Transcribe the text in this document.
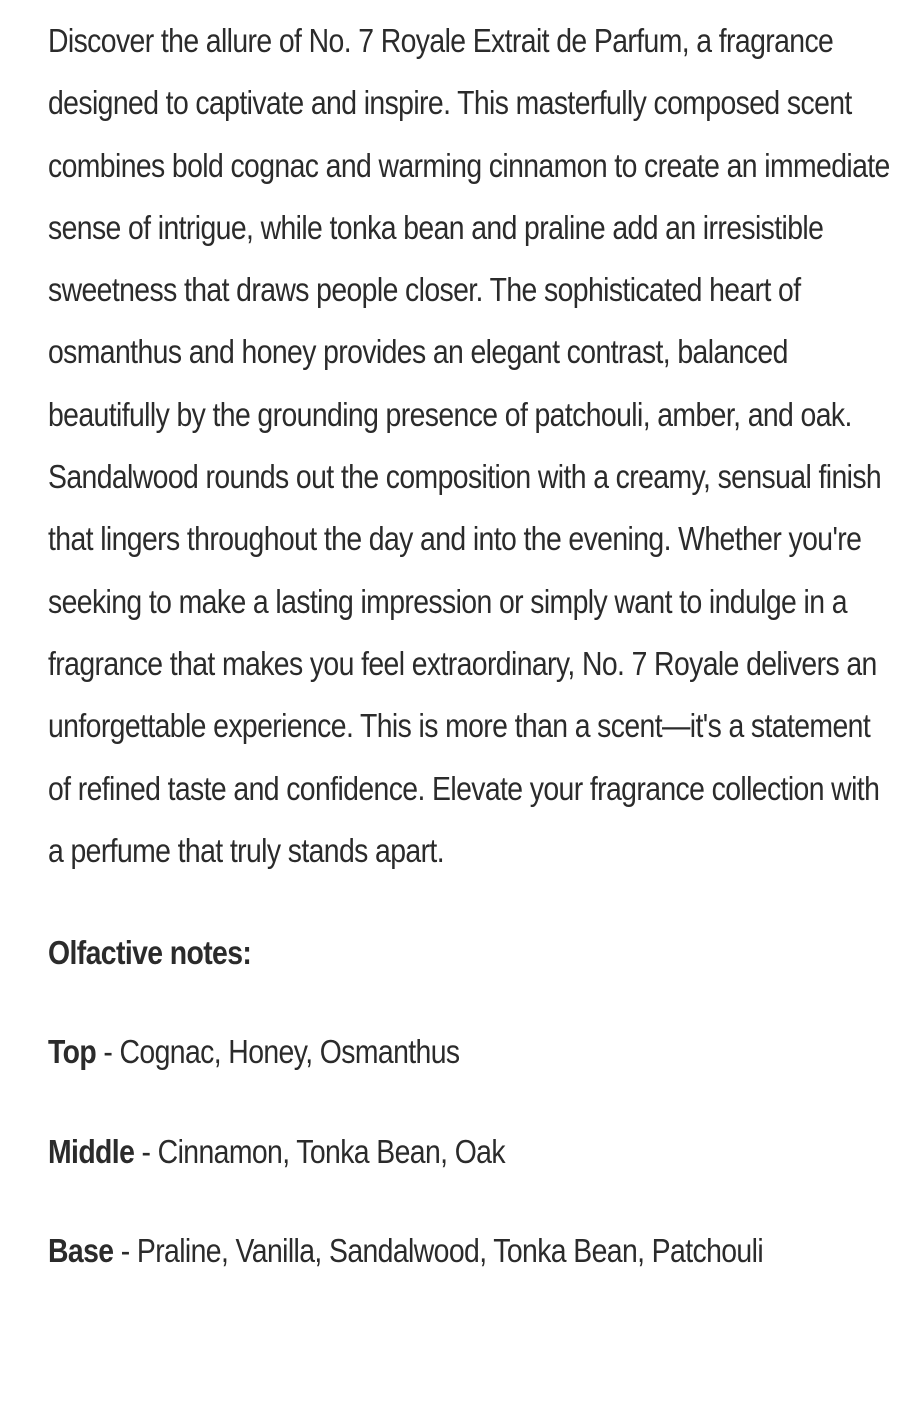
Discover the allure of No. 7 Royale Extrait de Parfum, a fragrance designed to captivate and inspire. This masterfully composed scent combines bold cognac and warming cinnamon to create an immediate sense of intrigue, while tonka bean and praline add an irresistible sweetness that draws people closer. The sophisticated heart of osmanthus and honey provides an elegant contrast, balanced beautifully by the grounding presence of patchouli, amber, and oak. Sandalwood rounds out the composition with a creamy, sensual finish that lingers throughout the day and into the evening. Whether you're seeking to make a lasting impression or simply want to indulge in a fragrance that makes you feel extraordinary, No. 7 Royale delivers an unforgettable experience. This is more than a scent—it's a statement of refined taste and confidence. Elevate your fragrance collection with a perfume that truly stands apart.

Olfactive notes:

Top - Cognac, Honey, Osmanthus

Middle - Cinnamon, Tonka Bean, Oak

Base - Praline, Vanilla, Sandalwood, Tonka Bean, Patchouli
